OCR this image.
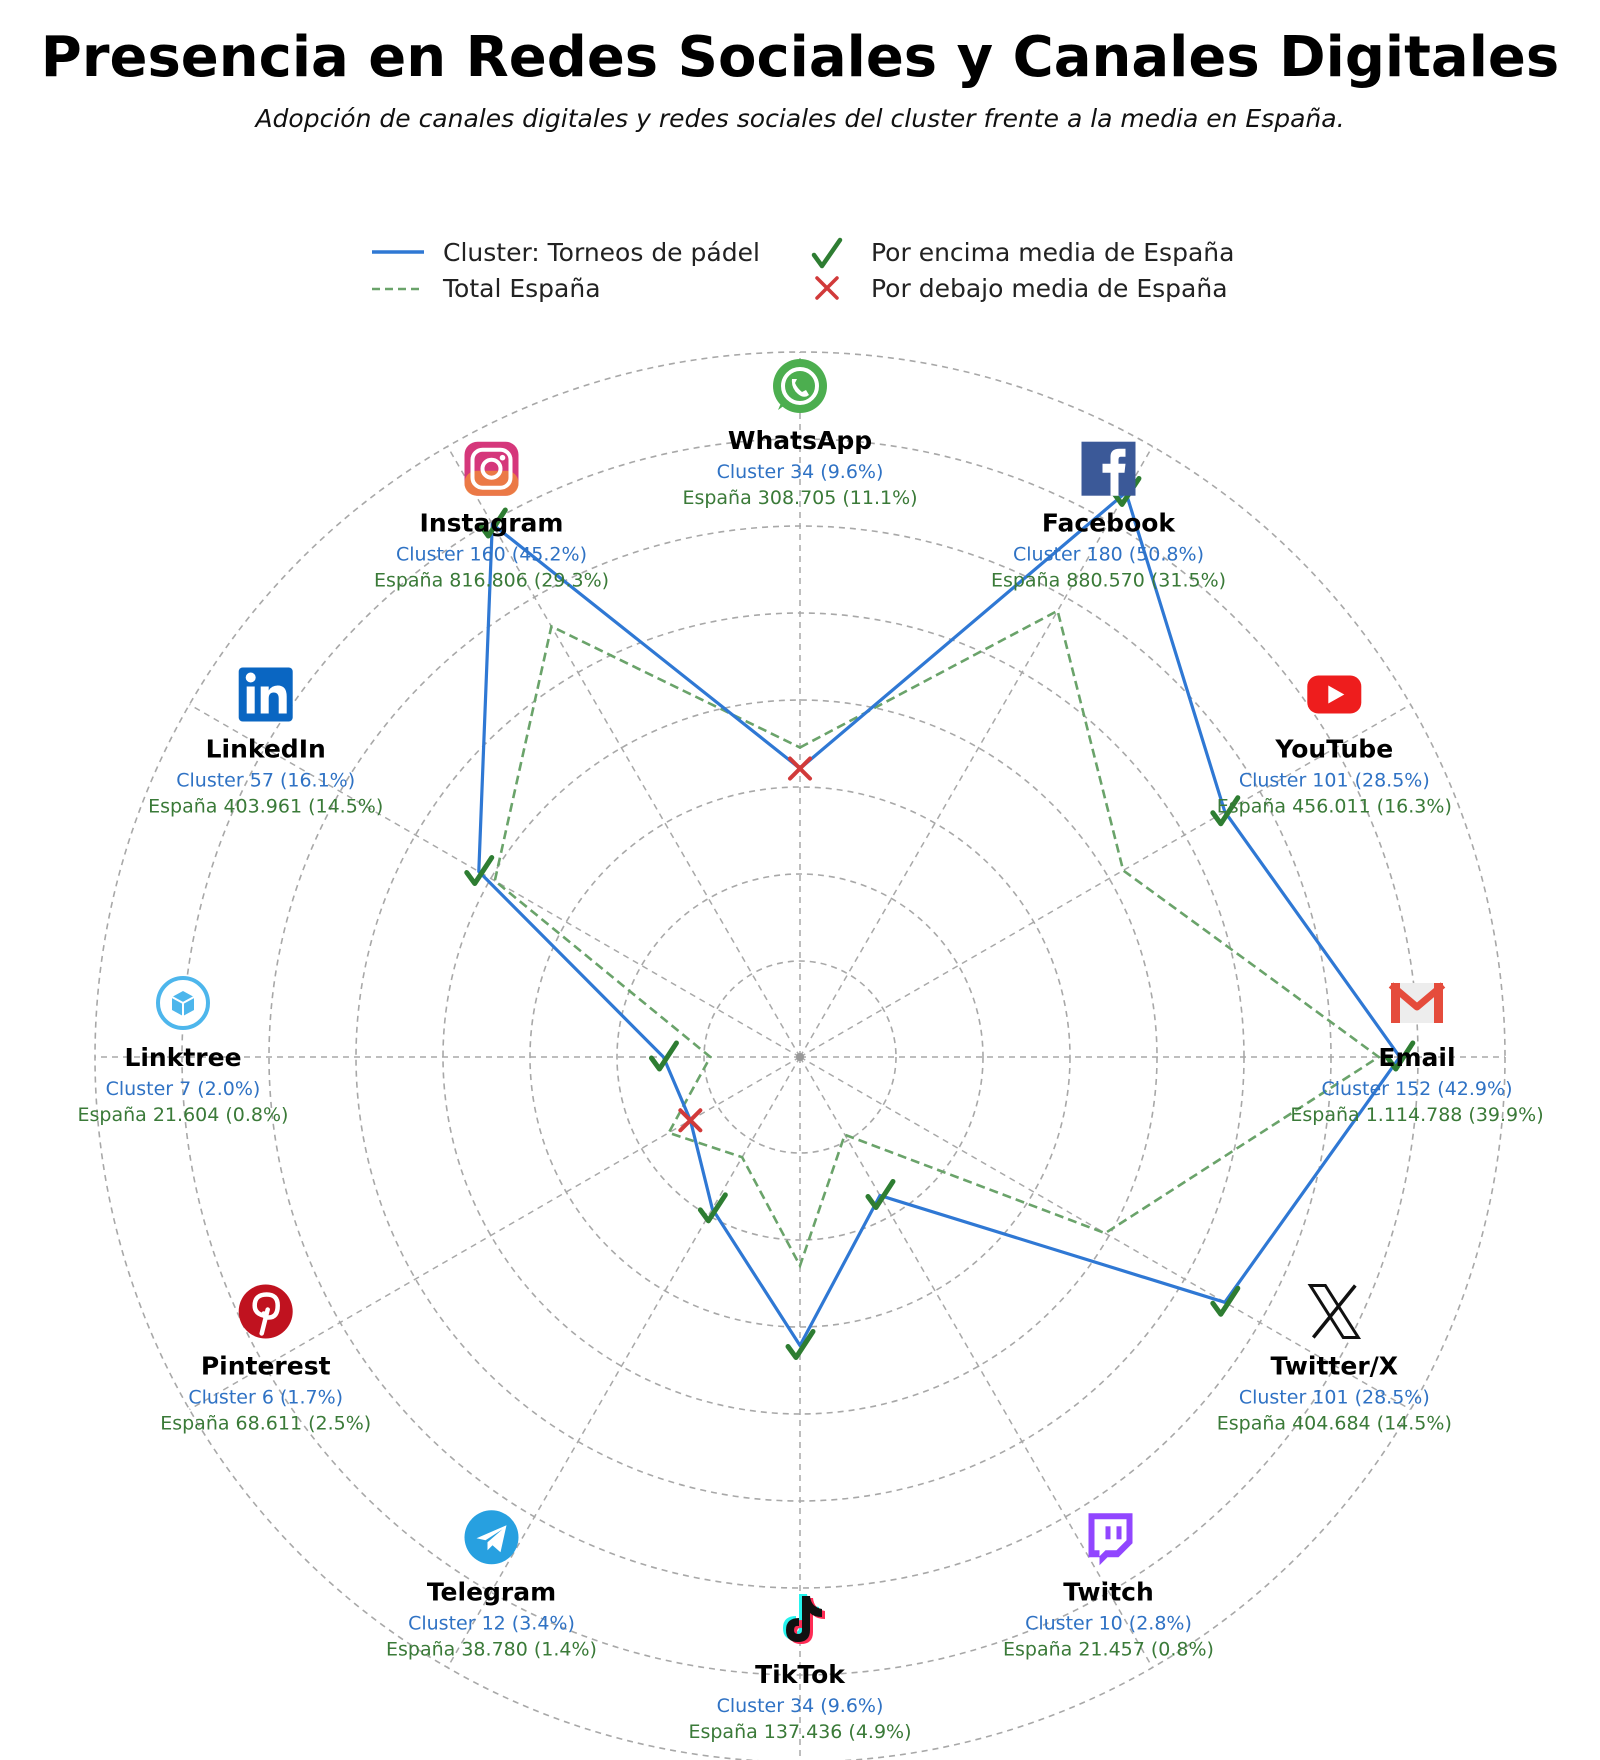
Presencia en Redes Sociales y Canales Digitales
Adopción de canales digitales y redes sociales del cluster frente a la media en España.
Cluster: Torneos de pádel
Total España
Por encima media de España
Por debajo media de España
WhatsApp
Cluster 34 (9.6%)
España 308.705 (11.1%)
Facebook
Cluster 180 (50.8%)
España 880.570 (31.5%)
YouTube
Cluster 101 (28.5%)
España 456.011 (16.3%)
Email
Cluster 152 (42.9%)
España 1.114.788 (39.9%)
Twitter/X
Cluster 101 (28.5%)
España 404.684 (14.5%)
Twitch
Cluster 10 (2.8%)
España 21.457 (0.8%)
TikTok
Cluster 34 (9.6%)
España 137.436 (4.9%)
Telegram
Cluster 12 (3.4%)
España 38.780 (1.4%)
Pinterest
Cluster 6 (1.7%)
España 68.611 (2.5%)
Linktree
Cluster 7 (2.0%)
España 21.604 (0.8%)
LinkedIn
Cluster 57 (16.1%)
España 403.961 (14.5%)
Instagram
Cluster 160 (45.2%)
España 816.806 (29.3%)
